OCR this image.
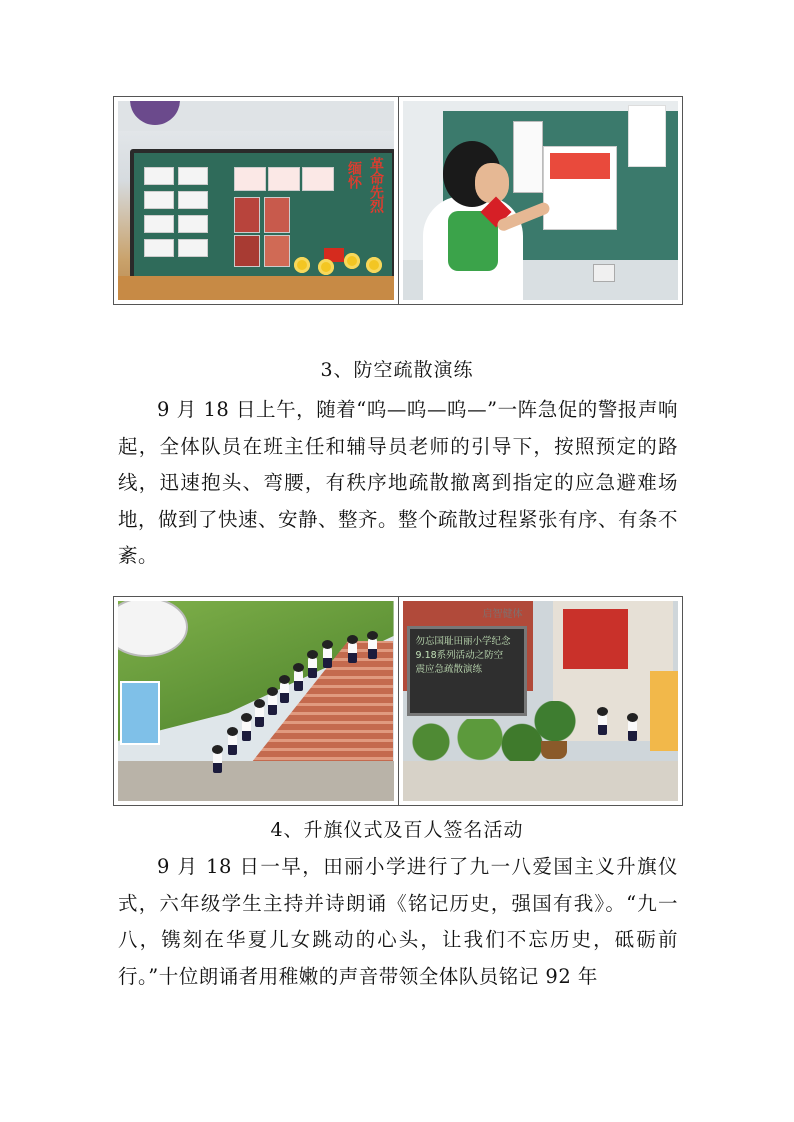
缅怀 革命先烈
3、防空疏散演练
9 月 18 日上午，随着“呜—呜—呜—”一阵急促的警报声响起，全体队员在班主任和辅导员老师的引导下，按照预定的路线，迅速抱头、弯腰，有秩序地疏散撤离到指定的应急避难场地，做到了快速、安静、整齐。整个疏散过程紧张有序、有条不紊。
启智健体
勿忘国耻田丽小学纪念
9.18系列活动之防空
震应急疏散演练
4、升旗仪式及百人签名活动
9 月 18 日一早，田丽小学进行了九一八爱国主义升旗仪式，六年级学生主持并诗朗诵《铭记历史，强国有我》。“九一八，镌刻在华夏儿女跳动的心头，让我们不忘历史，砥砺前行。”十位朗诵者用稚嫩的声音带领全体队员铭记 92 年
